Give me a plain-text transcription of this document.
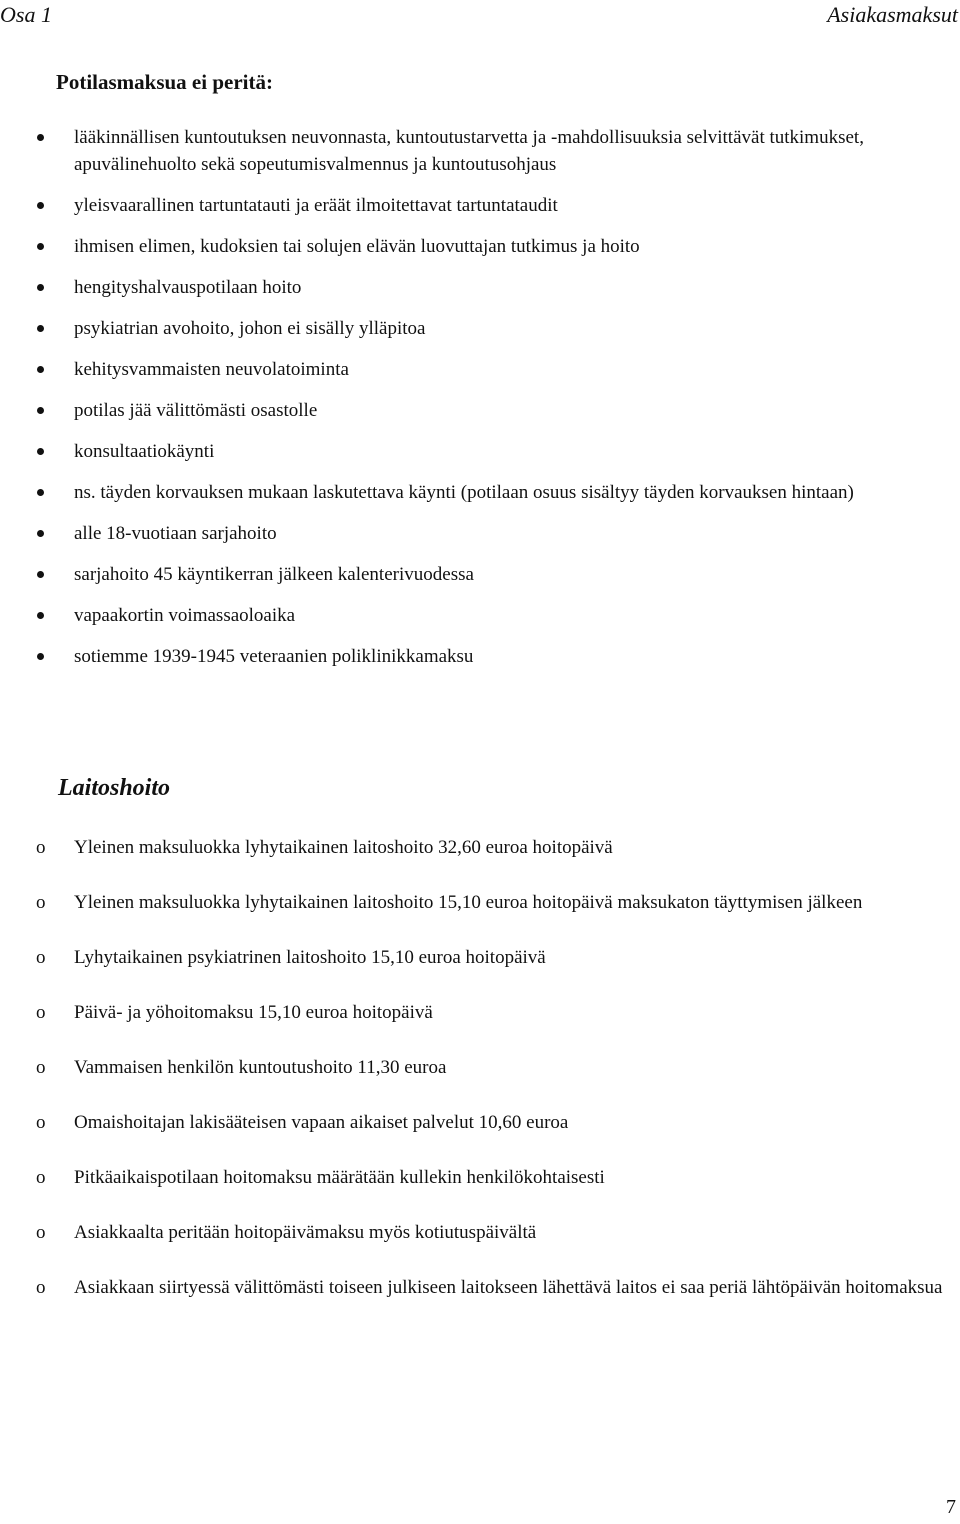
Osa 1	Asiakasmaksut
Potilasmaksua ei peritä:
lääkinnällisen kuntoutuksen neuvonnasta, kuntoutustarvetta ja -mahdollisuuksia selvittävät tutkimukset, apuvälinehuolto sekä sopeutumisvalmennus ja kuntoutusohjaus
yleisvaarallinen tartuntatauti ja eräät ilmoitettavat tartuntataudit
ihmisen elimen, kudoksien tai solujen elävän luovuttajan tutkimus ja hoito
hengityshalvauspotilaan hoito
psykiatrian avohoito, johon ei sisälly ylläpitoa
kehitysvammaisten neuvolatoiminta
potilas jää välittömästi osastolle
konsultaatiokäynti
ns. täyden korvauksen mukaan laskutettava käynti (potilaan osuus sisältyy täyden korvauksen hintaan)
alle 18-vuotiaan sarjahoito
sarjahoito 45 käyntikerran jälkeen kalenterivuodessa
vapaakortin voimassaoloaika
sotiemme 1939-1945 veteraanien poliklinikkamaksu
Laitoshoito
o Yleinen maksuluokka lyhytaikainen laitoshoito 32,60 euroa hoitopäivä
o Yleinen maksuluokka lyhytaikainen laitoshoito 15,10 euroa hoitopäivä maksukaton täyttymisen jälkeen
o Lyhytaikainen psykiatrinen laitoshoito 15,10 euroa hoitopäivä
o Päivä- ja yöhoitomaksu 15,10 euroa hoitopäivä
o Vammaisen henkilön kuntoutushoito 11,30 euroa
o Omaishoitajan lakisääteisen vapaan aikaiset palvelut 10,60 euroa
o Pitkäaikaispotilaan hoitomaksu määrätään kullekin henkilökohtaisesti
o Asiakkaalta peritään hoitopäivämaksu myös kotiutuspäivältä
o Asiakkaan siirtyessä välittömästi toiseen julkiseen laitokseen lähettävä laitos ei saa periä lähtöpäivän hoitomaksua
7
